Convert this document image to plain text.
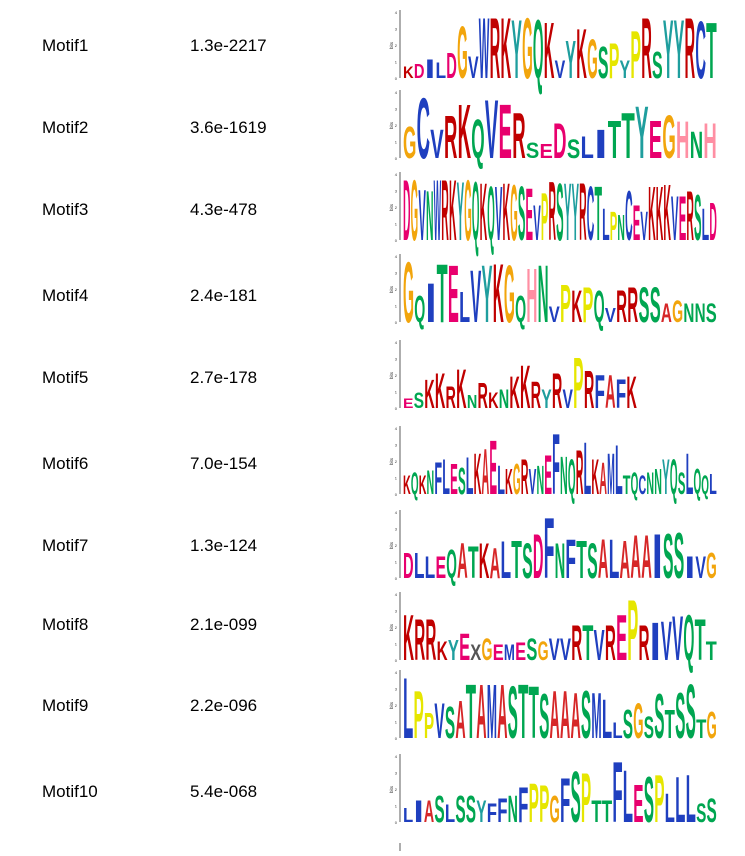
Motif1	1.3e-2217
4
3
2
1
0
bits
K D I L D G V W R K Y G Q K V Y K G S P Y P R S Y Y R C T
Motif2	3.6e-1619
4
3
2
1
0
bits G C V R K Q V E R S E D S L I T T Y E G H N H
Motif3	4.3e-478
4
3
2
1
0
bits D G V N W R K Y G Q K Q V K G S E V P R S Y Y R C T L P N C E V K K K V E R S L D
Motif4	2.4e-181
4
3
2
1
0
bits G Q I T E L V Y K G Q H N V P K P Q V R R S S A G N N S
Motif5	2.7e-178
4
3
2
1
0
bits
E S K K R K N R K N K K R Y R V P R F A F K
Motif6	7.0e-154
4
3
2
1
0
bits
K Q K N F L E S L K A E L K G R V N E F N Q R L K A M L T Q C N N Y Q S L Q Q L
Motif7	1.3e-124
4
3
2
1
0
bits D L L E Q A T K A L T S D F N F T S A L A A A I S S I V G
Motif8	2.1e-099
4
3
2
1
0
bits K R R K Y E X G E M E S G V V R T V R E P R I V V Q T T
Motif9	2.2e-096
4
3
2
1
0
bits L P P V S A T A M A S T T S A A A S M L L S G S S T S S T G
Motif10	5.4e-068
4
3
2
1
0
bits
L I A S L S S Y F F N F P P G F S P T T F L E S P L L L S S
